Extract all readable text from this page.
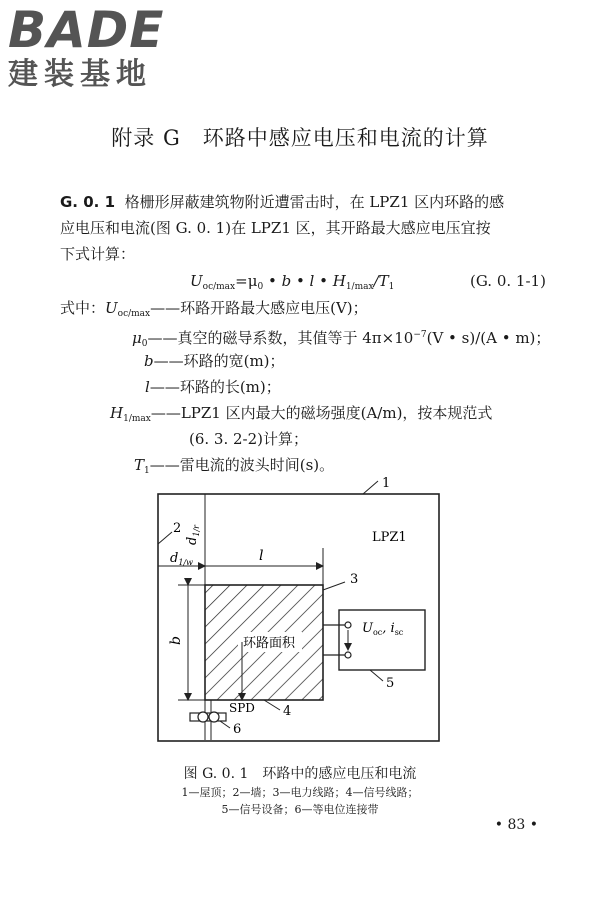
BADE
建装基地
附录 G　环路中感应电压和电流的计算
G. 0. 1 格栅形屏蔽建筑物附近遭雷击时，在 LPZ1 区内环路的感
应电压和电流(图 G. 0. 1)在 LPZ1 区，其开路最大感应电压宜按
下式计算：
$U_{oc/max}=\mu_0$ • b • l • $H_{1/max}/T_1$	(G. 0. 1-1)
式中： $U_{oc/max}——$环路开路最大感应电压(V)；
$\mu_0——$真空的磁导系数，其值等于 $4\pi\times 10^{-7}(V$ • s)/(A • m)；
b——环路的宽(m)；
l——环路的长(m)；
$H_{1/max}——LPZ1$ 区内最大的磁场强度(A/m)，按本规范式
(6. 3. 2-2)计算；
$T_1——$雷电流的波头时间(s)。
1
2
LPZ1
$d_{1/r}$
$d_{1/w}$	l
b	环路面积
3
$U_{oc}$, $i_{sc}$
5
SPD 4
6
图 G. 0. 1　环路中的感应电压和电流
1—屋顶；2—墙；3—电力线路；4—信号线路；
5—信号设备；6—等电位连接带
• 83 •
